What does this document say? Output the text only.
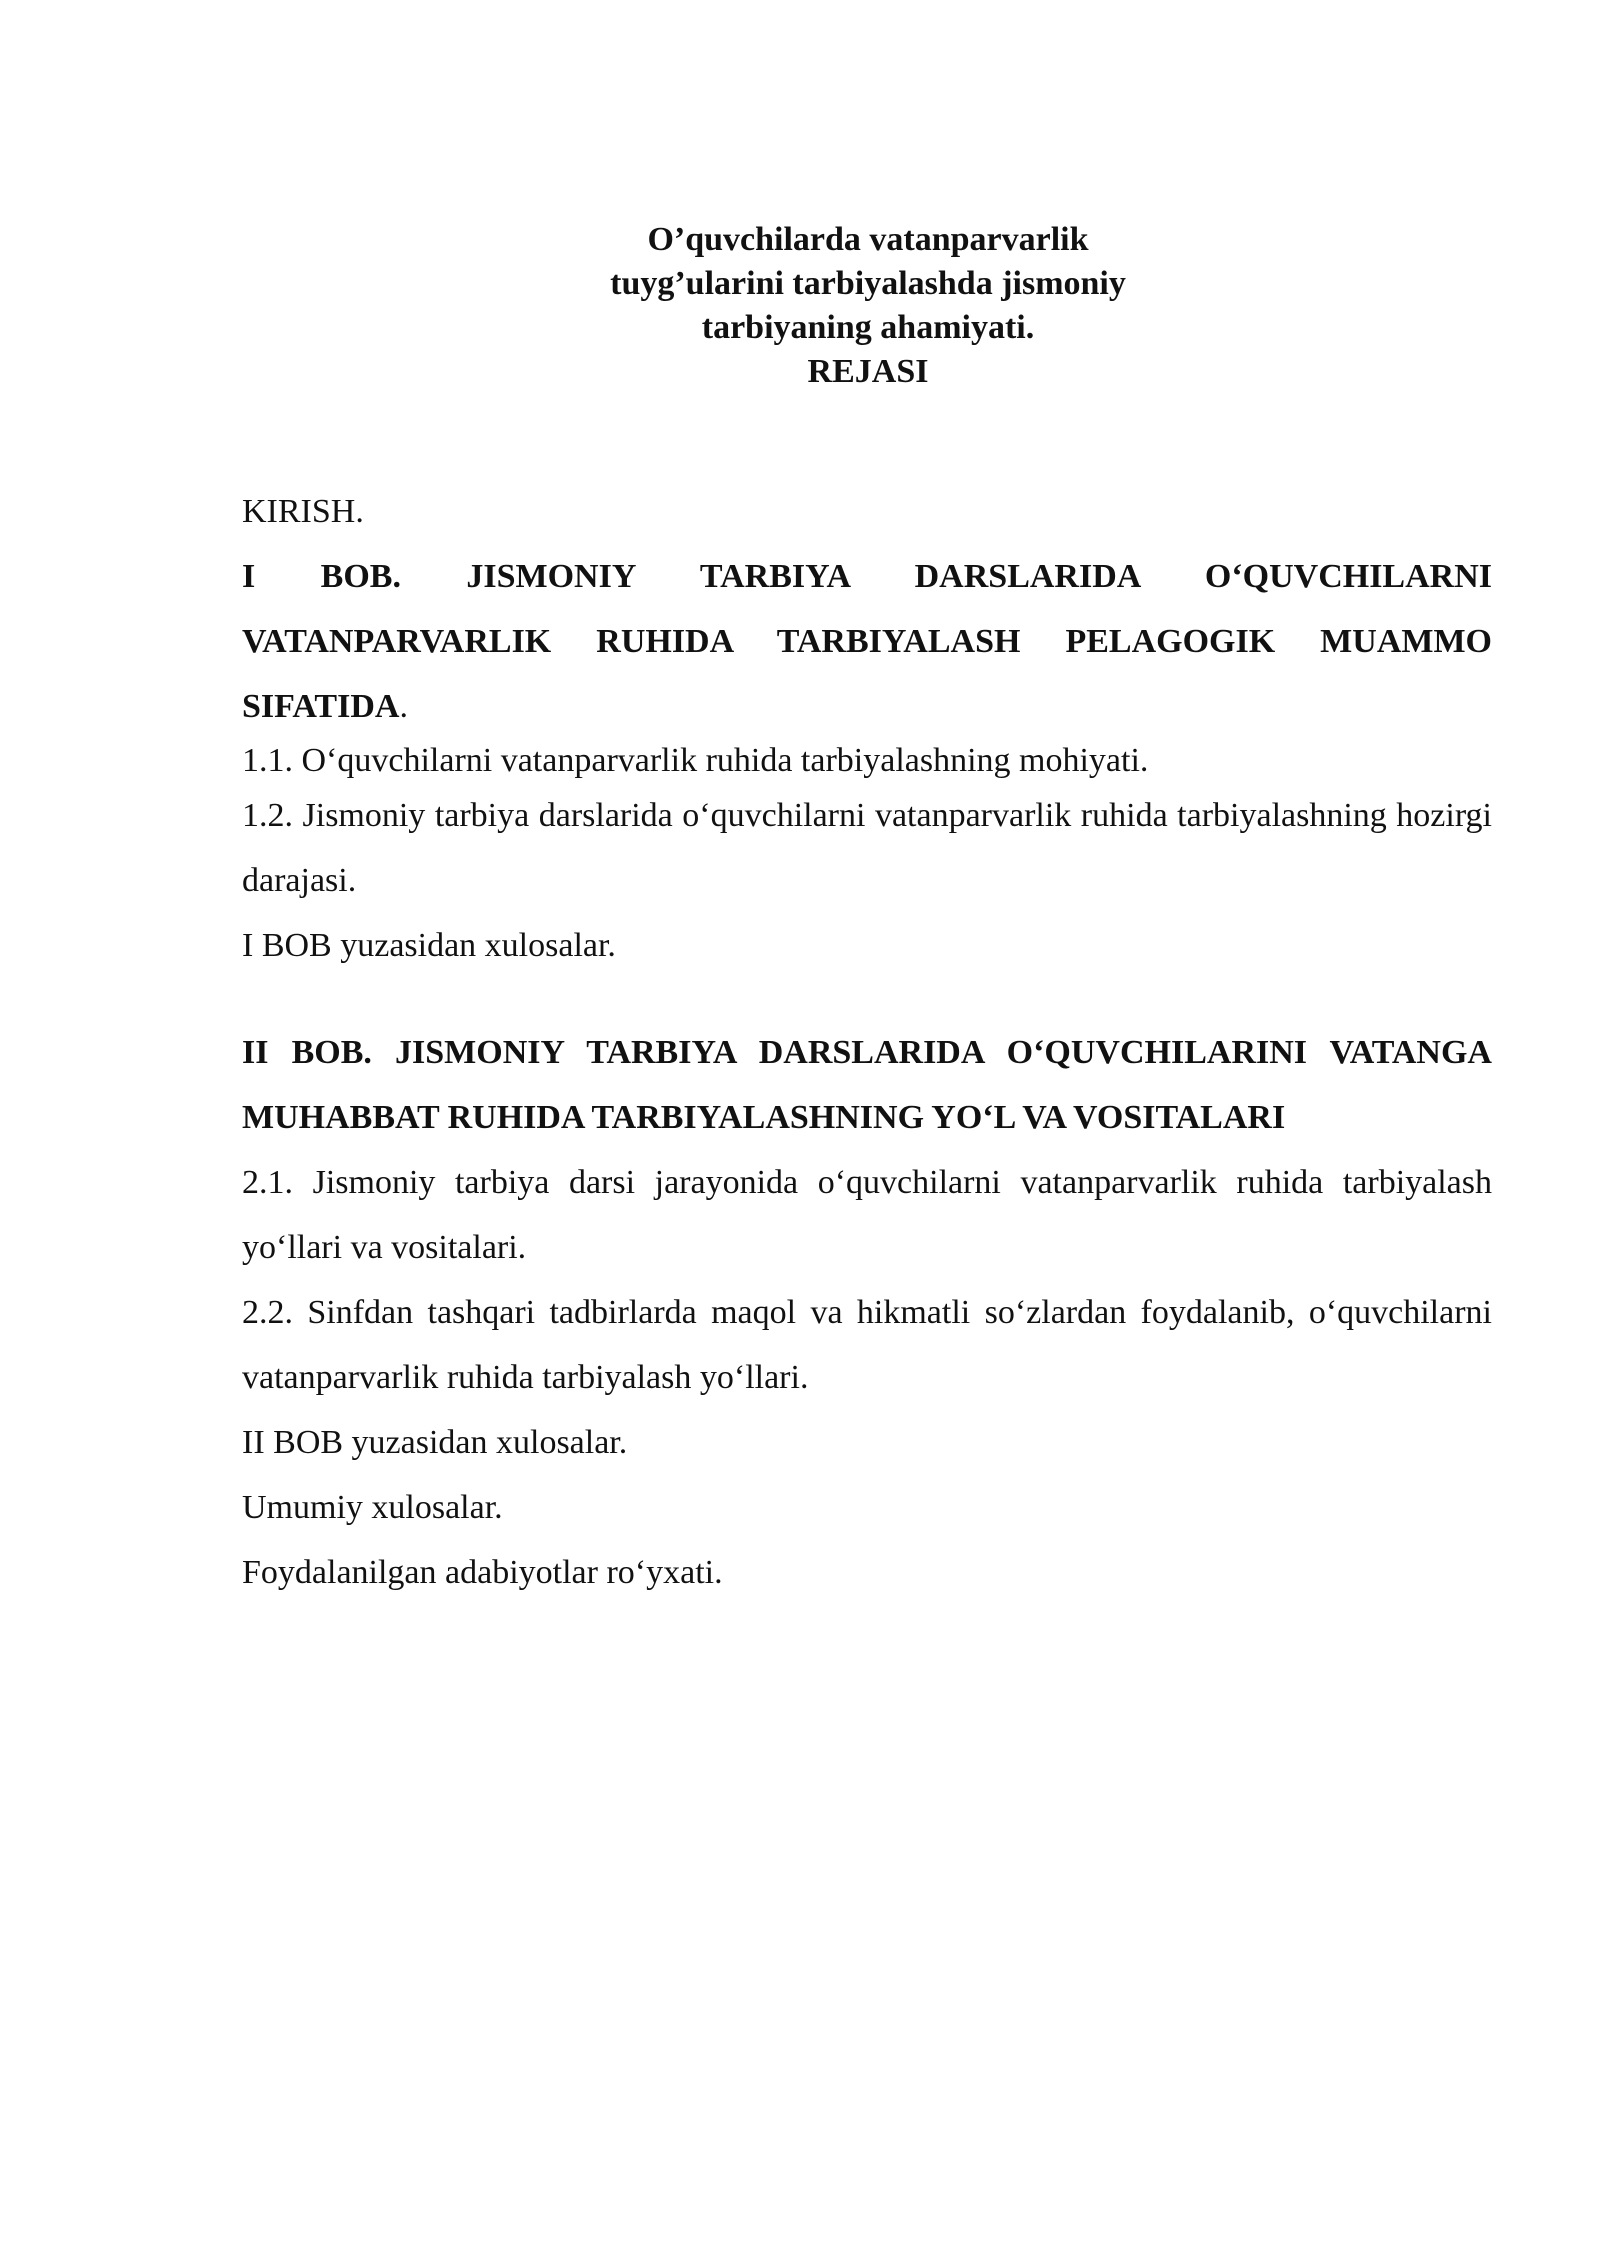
O’quvchilarda vatanparvarlik
tuyg’ularini tarbiyalashda jismoniy
tarbiyaning ahamiyati.
REJASI
KIRISH.
I BOB. JISMONIY TARBIYA DARSLARIDA O‘QUVCHILARNI VATANPARVARLIK RUHIDA TARBIYALASH PELAGOGIK MUAMMO SIFATIDA.
1.1. O‘quvchilarni vatanparvarlik ruhida tarbiyalashning mohiyati.
1.2. Jismoniy tarbiya darslarida o‘quvchilarni vatanparvarlik ruhida tarbiyalashning hozirgi darajasi.
I BOB yuzasidan xulosalar.
II BOB. JISMONIY TARBIYA DARSLARIDA O‘QUVCHILARINI VATANGA MUHABBAT RUHIDA TARBIYALASHNING YO‘L VA VOSITALARI
2.1. Jismoniy tarbiya darsi jarayonida o‘quvchilarni vatanparvarlik ruhida tarbiyalash yo‘llari va vositalari.
2.2. Sinfdan tashqari tadbirlarda maqol va hikmatli so‘zlardan foydalanib, o‘quvchilarni vatanparvarlik ruhida tarbiyalash yo‘llari.
II BOB yuzasidan xulosalar.
Umumiy xulosalar.
Foydalanilgan adabiyotlar ro‘yxati.
